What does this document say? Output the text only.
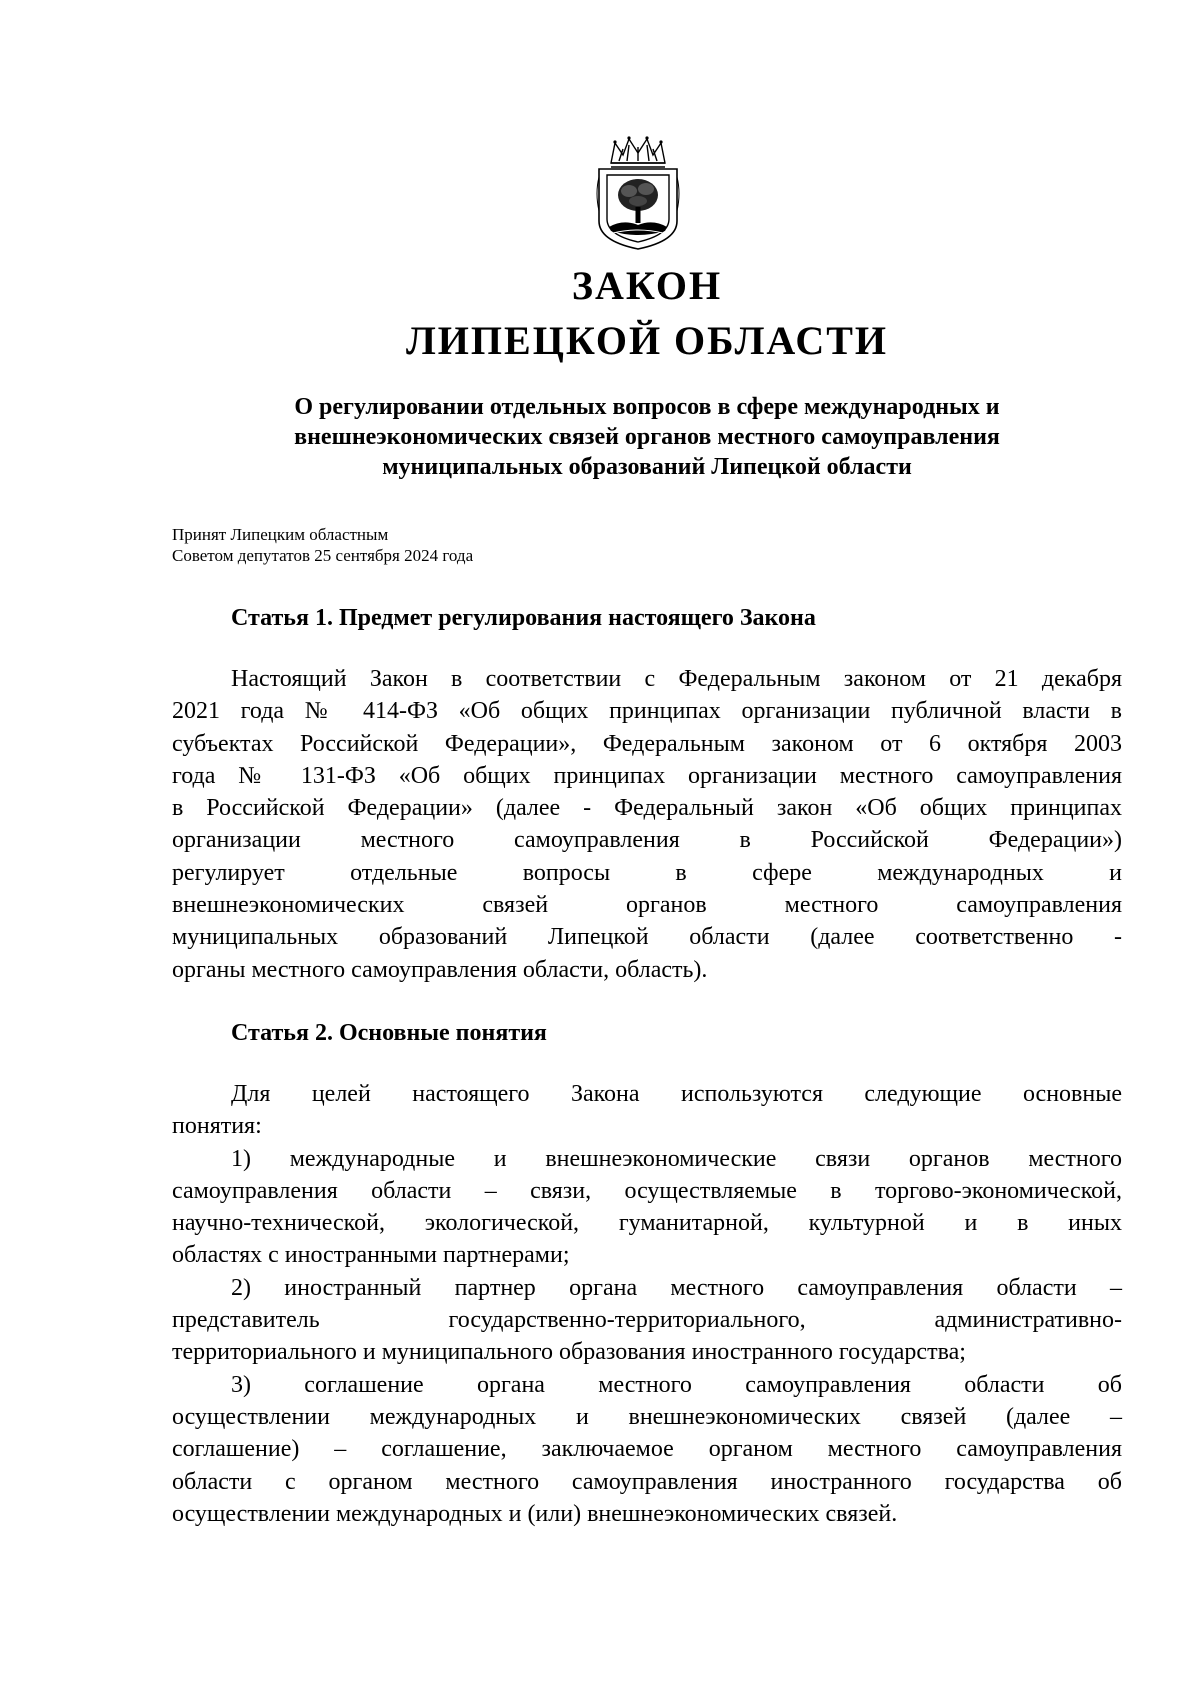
ЗАКОН
ЛИПЕЦКОЙ ОБЛАСТИ
О регулировании отдельных вопросов в сфере международных и
внешнеэкономических связей органов местного самоуправления
муниципальных образований Липецкой области
Принят Липецким областным
Советом депутатов 25 сентября 2024 года
Статья 1. Предмет регулирования настоящего Закона
Настоящий Закон в соответствии с Федеральным законом от 21 декабря
2021 года № 414-ФЗ «Об общих принципах организации публичной власти в
субъектах Российской Федерации», Федеральным законом от 6 октября 2003
года № 131-ФЗ «Об общих принципах организации местного самоуправления
в Российской Федерации» (далее - Федеральный закон «Об общих принципах
организации местного самоуправления в Российской Федерации»)
регулирует отдельные вопросы в сфере международных и
внешнеэкономических связей органов местного самоуправления
муниципальных образований Липецкой области (далее соответственно -
органы местного самоуправления области, область).
Статья 2. Основные понятия
Для целей настоящего Закона используются следующие основные
понятия:
1) международные и внешнеэкономические связи органов местного
самоуправления области – связи, осуществляемые в торгово-экономической,
научно-технической, экологической, гуманитарной, культурной и в иных
областях с иностранными партнерами;
2) иностранный партнер органа местного самоуправления области –
представитель государственно-территориального, административно-
территориального и муниципального образования иностранного государства;
3) соглашение органа местного самоуправления области об
осуществлении международных и внешнеэкономических связей (далее –
соглашение) – соглашение, заключаемое органом местного самоуправления
области с органом местного самоуправления иностранного государства об
осуществлении международных и (или) внешнеэкономических связей.
